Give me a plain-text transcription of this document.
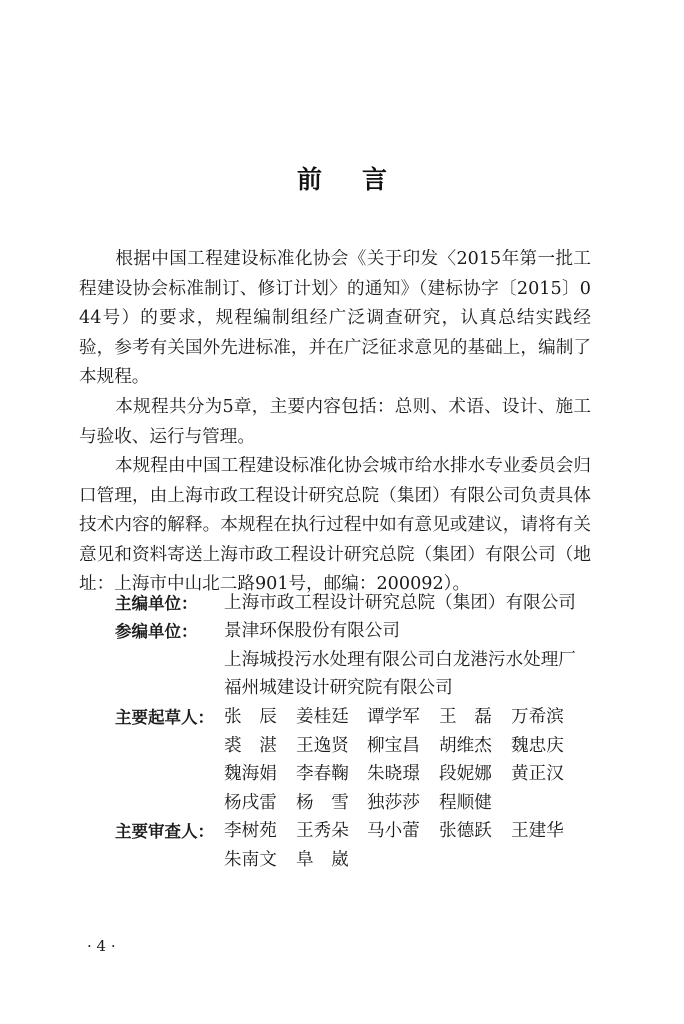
前 言

根据中国工程建设标准化协会《关于印发〈2015年第一批工程建设协会标准制订、修订计划〉的通知》（建标协字〔2015〕044号）的要求，规程编制组经广泛调查研究，认真总结实践经验，参考有关国外先进标准，并在广泛征求意见的基础上，编制了本规程。

本规程共分为5章，主要内容包括：总则、术语、设计、施工与验收、运行与管理。

本规程由中国工程建设标准化协会城市给水排水专业委员会归口管理，由上海市政工程设计研究总院（集团）有限公司负责具体技术内容的解释。本规程在执行过程中如有意见或建议，请将有关意见和资料寄送上海市政工程设计研究总院（集团）有限公司（地址：上海市中山北二路901号，邮编：200092）。

主编单位： 上海市政工程设计研究总院（集团）有限公司
参编单位： 景津环保股份有限公司
上海城投污水处理有限公司白龙港污水处理厂
福州城建设计研究院有限公司
主要起草人： 张　辰 姜桂廷 谭学军 王　磊 万希滨
裘　湛 王逸贤 柳宝昌 胡维杰 魏忠庆
魏海娟 李春鞠 朱晓璟 段妮娜 黄正汉
杨戌雷 杨　雪 独莎莎 程顺健
主要审查人： 李树苑 王秀朵 马小蕾 张德跃 王建华
朱南文 阜　崴
· 4 ·
